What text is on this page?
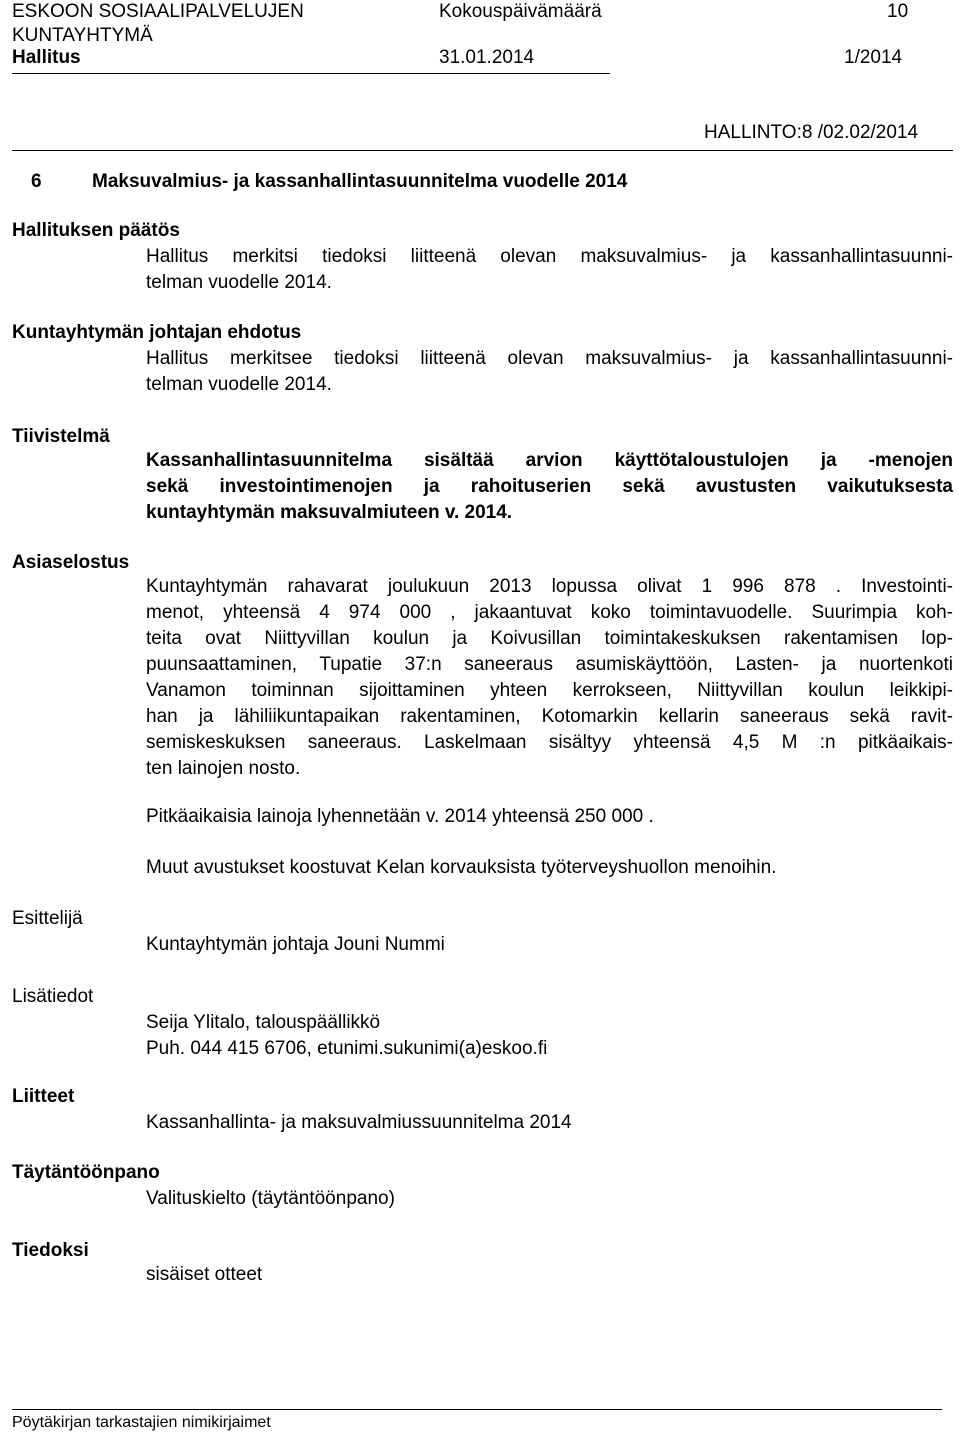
ESKOON SOSIAALIPALVELUJEN
KUNTAYHTYMÄ
Kokouspäivämäärä	10
Hallitus	31.01.2014	1/2014
HALLINTO:8 /02.02/2014
6	Maksuvalmius- ja kassanhallintasuunnitelma vuodelle 2014
Hallituksen päätös
Hallitus merkitsi tiedoksi liitteenä olevan maksuvalmius- ja kassanhallintasuunni-
telman vuodelle 2014.
Kuntayhtymän johtajan ehdotus
Hallitus merkitsee tiedoksi liitteenä olevan maksuvalmius- ja kassanhallintasuunni-
telman vuodelle 2014.
Tiivistelmä
Kassanhallintasuunnitelma sisältää arvion käyttötaloustulojen ja -menojen
sekä investointimenojen ja rahoituserien sekä avustusten vaikutuksesta
kuntayhtymän maksuvalmiuteen v. 2014.
Asiaselostus
Kuntayhtymän rahavarat joulukuun 2013 lopussa olivat 1 996 878 . Investointi-
menot, yhteensä 4 974 000 , jakaantuvat koko toimintavuodelle. Suurimpia koh-
teita ovat Niittyvillan koulun ja Koivusillan toimintakeskuksen rakentamisen lop-
puunsaattaminen, Tupatie 37:n saneeraus asumiskäyttöön, Lasten- ja nuortenkoti
Vanamon toiminnan sijoittaminen yhteen kerrokseen, Niittyvillan koulun leikkipi-
han ja lähiliikuntapaikan rakentaminen, Kotomarkin kellarin saneeraus sekä ravit-
semiskeskuksen saneeraus. Laskelmaan sisältyy yhteensä 4,5 M :n pitkäaikais-
ten lainojen nosto.
Pitkäaikaisia lainoja lyhennetään v. 2014 yhteensä 250 000 .
Muut avustukset koostuvat Kelan korvauksista työterveyshuollon menoihin.
Esittelijä
Kuntayhtymän johtaja Jouni Nummi
Lisätiedot
Seija Ylitalo, talouspäällikkö
Puh. 044 415 6706, etunimi.sukunimi(a)eskoo.fi
Liitteet
Kassanhallinta- ja maksuvalmiussuunnitelma 2014
Täytäntöönpano
Valituskielto (täytäntöönpano)
Tiedoksi
sisäiset otteet
Pöytäkirjan tarkastajien nimikirjaimet
